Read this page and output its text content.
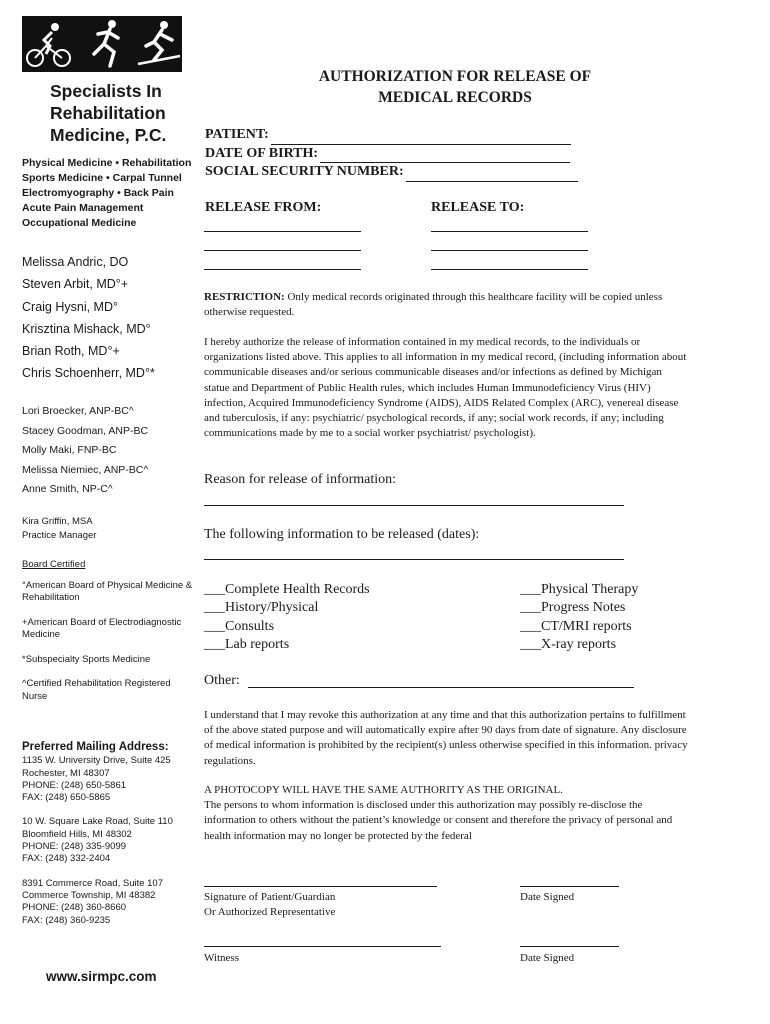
Specialists In
Rehabilitation
Medicine, P.C.
Physical Medicine • Rehabilitation
Sports Medicine • Carpal Tunnel
Electromyography • Back Pain
Acute Pain Management
Occupational Medicine
Melissa Andric, DO
Steven Arbit, MD°+
Craig Hysni, MD°
Krisztina Mishack, MD°
Brian Roth, MD°+
Chris Schoenherr, MD°*
Lori Broecker, ANP-BC^
Stacey Goodman, ANP-BC
Molly Maki, FNP-BC
Melissa Niemiec, ANP-BC^
Anne Smith, NP-C^
Kira Griffin, MSA
Practice Manager
Board Certified
°American Board of Physical Medicine & Rehabilitation
+American Board of Electrodiagnostic Medicine
*Subspecialty Sports Medicine
^Certified Rehabilitation Registered Nurse
Preferred Mailing Address:
1135 W. University Drive, Suite 425
Rochester, MI 48307
PHONE: (248) 650-5861
FAX: (248) 650-5865
10 W. Square Lake Road, Suite 110
Bloomfield Hills, MI 48302
PHONE: (248) 335-9099
FAX: (248) 332-2404
8391 Commerce Road, Suite 107
Commerce Township, MI 48382
PHONE: (248) 360-8660
FAX: (248) 360-9235
www.sirmpc.com
AUTHORIZATION FOR RELEASE OF
MEDICAL RECORDS
PATIENT:
DATE OF BIRTH:
SOCIAL SECURITY NUMBER:
RELEASE FROM:	RELEASE TO:
RESTRICTION: Only medical records originated through this healthcare facility will be copied unless otherwise requested.
I hereby authorize the release of information contained in my medical records, to the individuals or organizations listed above. This applies to all information in my medical record, (including information about communicable diseases and/or serious communicable diseases and/or infections as defined by Michigan statue and Department of Public Health rules, which includes Human Immunodeficiency Virus (HIV) infection, Acquired Immunodeficiency Syndrome (AIDS), AIDS Related Complex (ARC), venereal disease and tuberculosis, if any: psychiatric/ psychological records, if any; social work records, if any; including communications made by me to a social worker psychiatrist/ psychologist).
Reason for release of information:
The following information to be released (dates):
___Complete Health Records
___History/Physical
___Consults
___Lab reports
___Physical Therapy
___Progress Notes
___CT/MRI reports
___X-ray reports
Other:
I understand that I may revoke this authorization at any time and that this authorization pertains to fulfillment of the above stated purpose and will automatically expire after 90 days from date of signature. Any disclosure of medical information is prohibited by the recipient(s) unless otherwise specified in this information. privacy regulations.
A PHOTOCOPY WILL HAVE THE SAME AUTHORITY AS THE ORIGINAL.
The persons to whom information is disclosed under this authorization may possibly re-disclose the information to others without the patient’s knowledge or consent and therefore the privacy of personal and health information may no longer be protected by the federal
Signature of Patient/Guardian
Or Authorized Representative
Date Signed
Witness	Date Signed
